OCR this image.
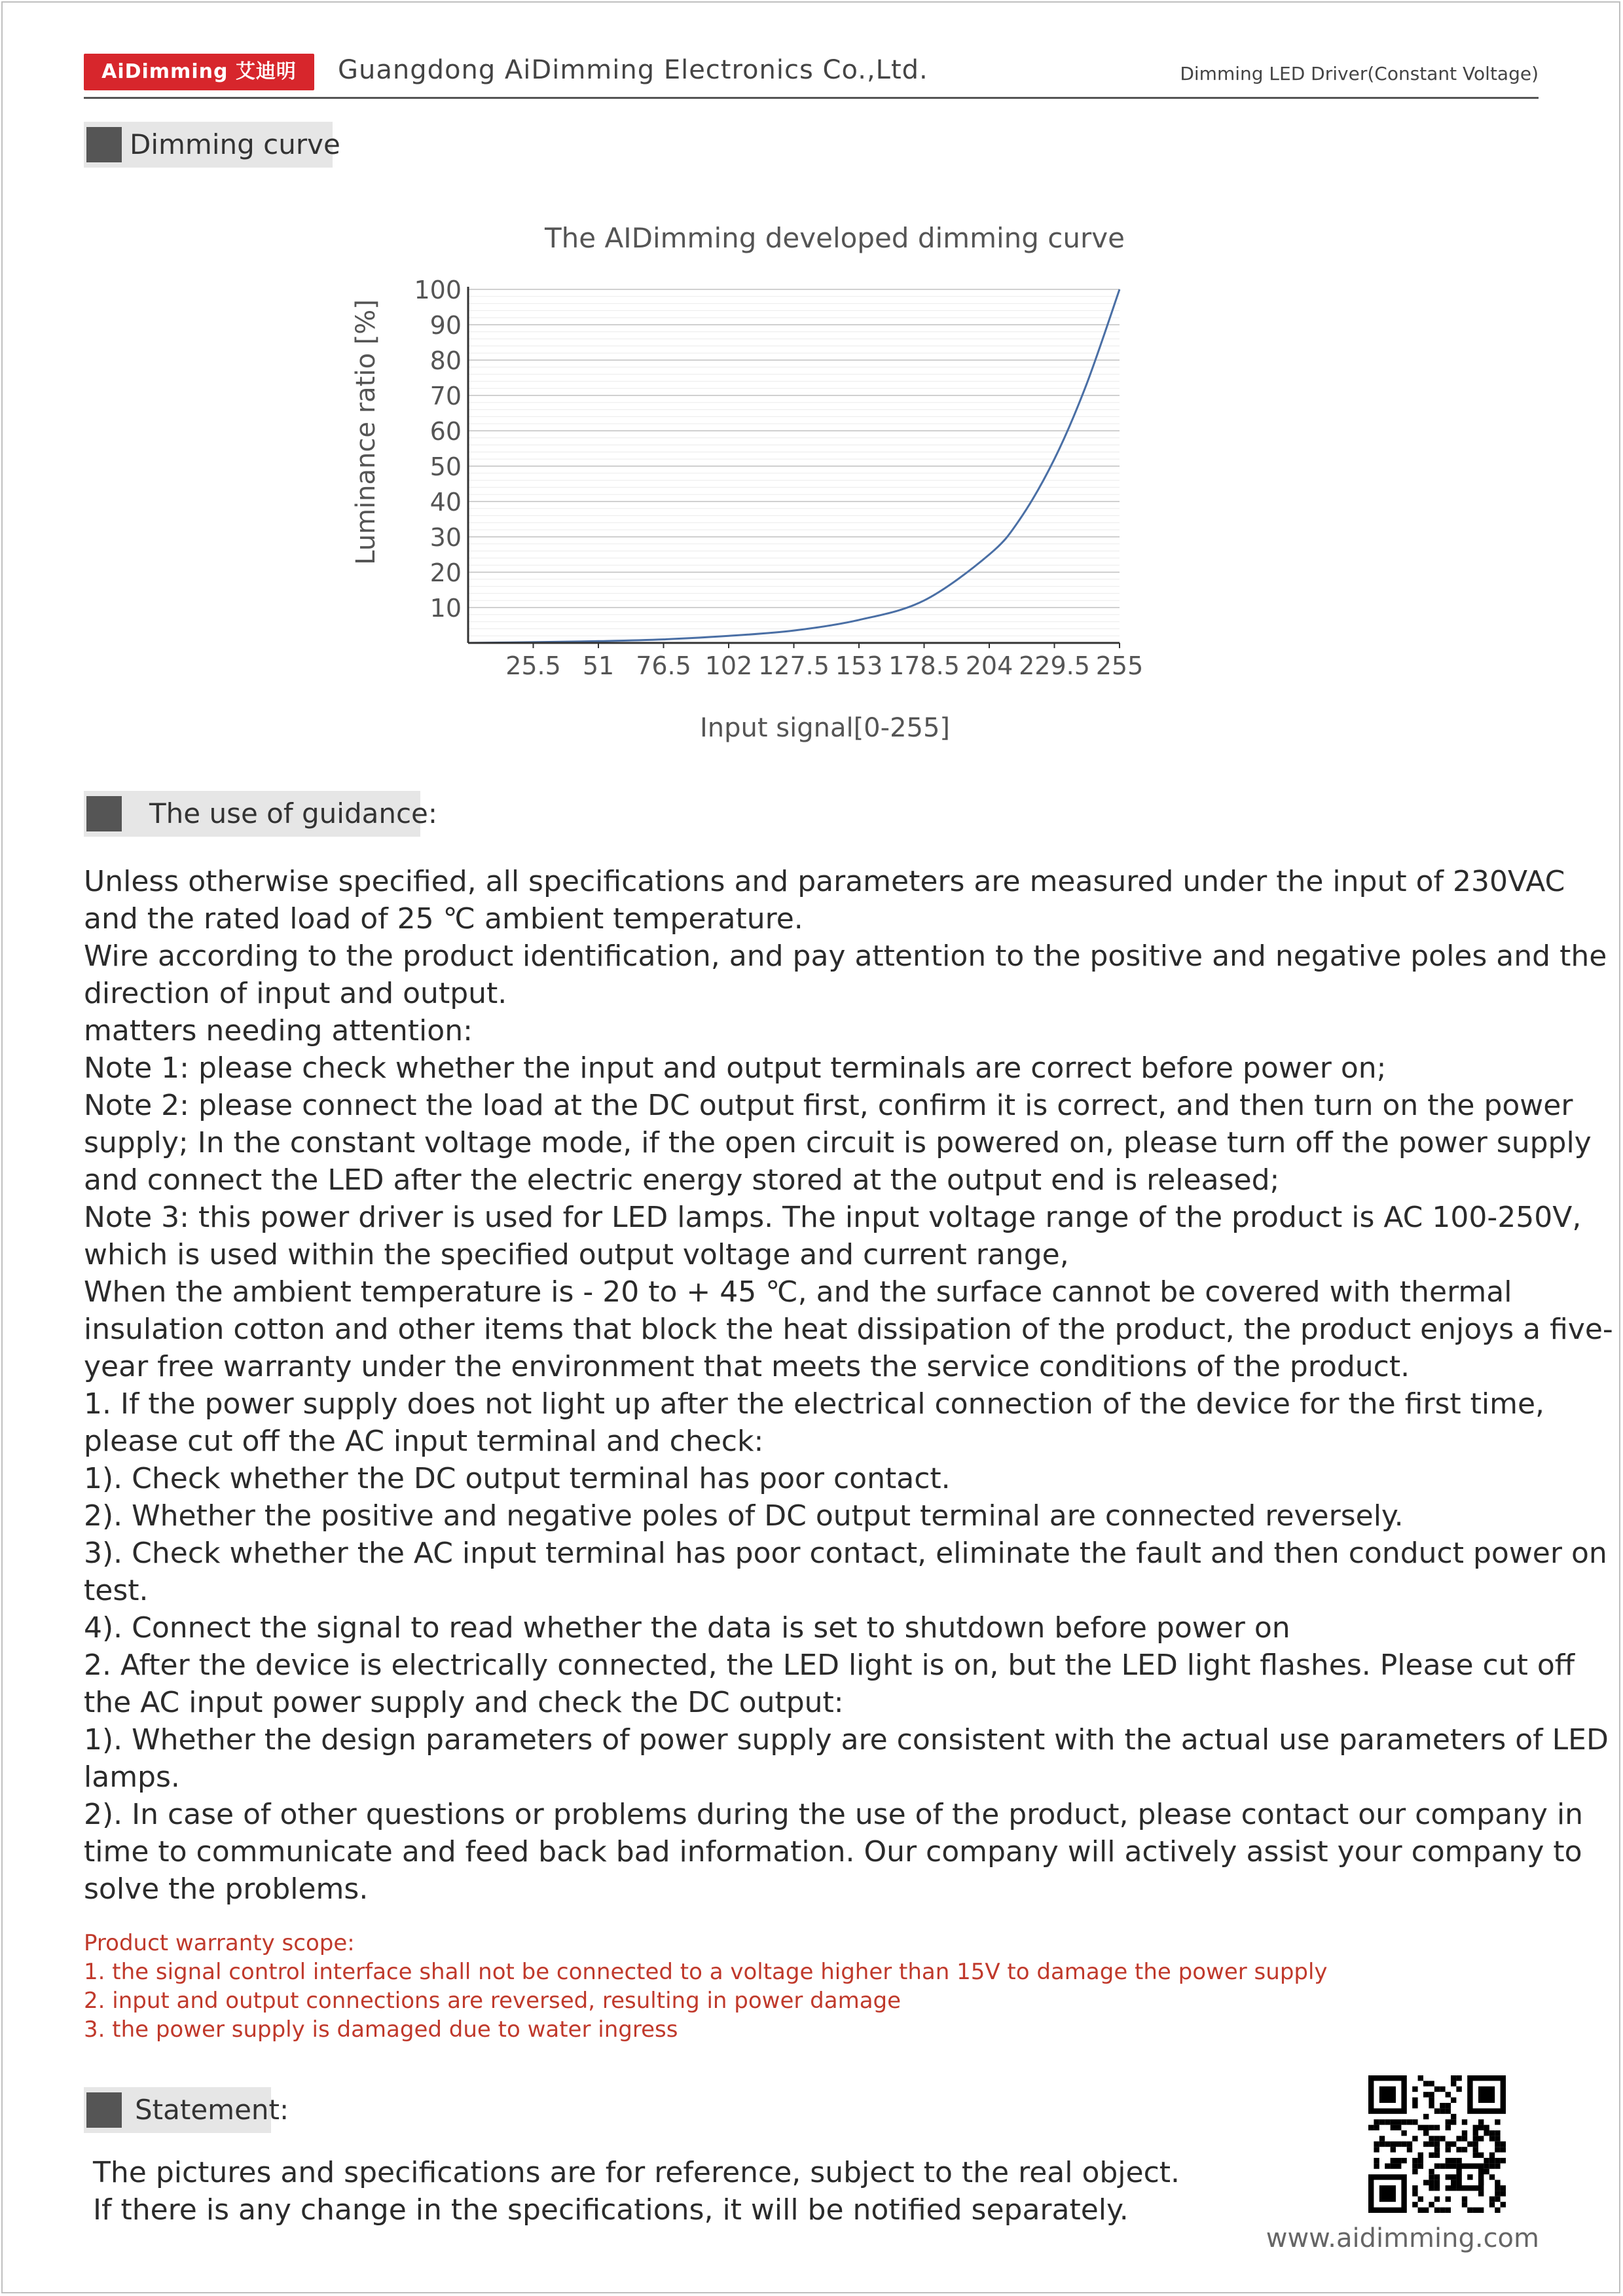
AiDimming 艾迪明	Guangdong AiDimming Electronics Co.,Ltd.	Dimming LED Driver(Constant Voltage)
Dimming curve
The AIDimming developed dimming curve
10
20
30
40
50
60
70
80
90
100
25.5 51 76.5 102 127.5 153 178.5 204 229.5 255
Input signal[0-255]
Luminance ratio [%]
The use of guidance:

Unless otherwise specified, all specifications and parameters are measured under the input of 230VAC

and the rated load of 25 ℃ ambient temperature.

Wire according to the product identification, and pay attention to the positive and negative poles and the

direction of input and output.

matters needing attention:

Note 1: please check whether the input and output terminals are correct before power on;

Note 2: please connect the load at the DC output first, confirm it is correct, and then turn on the power

supply; In the constant voltage mode, if the open circuit is powered on, please turn off the power supply

and connect the LED after the electric energy stored at the output end is released;

Note 3: this power driver is used for LED lamps. The input voltage range of the product is AC 100-250V,

which is used within the specified output voltage and current range,

When the ambient temperature is - 20 to + 45 ℃, and the surface cannot be covered with thermal

insulation cotton and other items that block the heat dissipation of the product, the product enjoys a five-

year free warranty under the environment that meets the service conditions of the product.

1. If the power supply does not light up after the electrical connection of the device for the first time,

please cut off the AC input terminal and check:

1). Check whether the DC output terminal has poor contact.

2). Whether the positive and negative poles of DC output terminal are connected reversely.

3). Check whether the AC input terminal has poor contact, eliminate the fault and then conduct power on

test.

4). Connect the signal to read whether the data is set to shutdown before power on

2. After the device is electrically connected, the LED light is on, but the LED light flashes. Please cut off

the AC input power supply and check the DC output:

1). Whether the design parameters of power supply are consistent with the actual use parameters of LED

lamps.

2). In case of other questions or problems during the use of the product, please contact our company in

time to communicate and feed back bad information. Our company will actively assist your company to

solve the problems.

Product warranty scope:

1. the signal control interface shall not be connected to a voltage higher than 15V to damage the power supply

2. input and output connections are reversed, resulting in power damage

3. the power supply is damaged due to water ingress

Statement:

The pictures and specifications are for reference, subject to the real object.

If there is any change in the specifications, it will be notified separately.

www.aidimming.com
